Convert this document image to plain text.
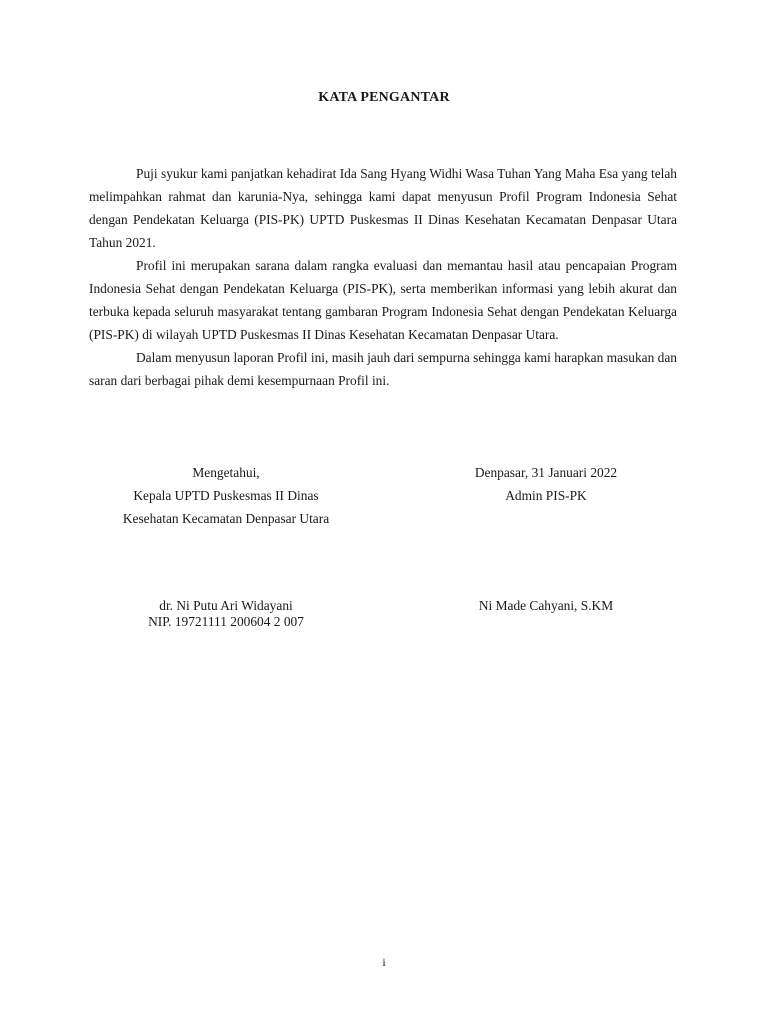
KATA PENGANTAR

Puji syukur kami panjatkan kehadirat Ida Sang Hyang Widhi Wasa Tuhan Yang Maha Esa yang telah melimpahkan rahmat dan karunia-Nya, sehingga kami dapat menyusun Profil Program Indonesia Sehat dengan Pendekatan Keluarga (PIS-PK) UPTD Puskesmas II Dinas Kesehatan Kecamatan Denpasar Utara Tahun 2021.

Profil ini merupakan sarana dalam rangka evaluasi dan memantau hasil atau pencapaian Program Indonesia Sehat dengan Pendekatan Keluarga (PIS-PK), serta memberikan informasi yang lebih akurat dan terbuka kepada seluruh masyarakat tentang gambaran Program Indonesia Sehat dengan Pendekatan Keluarga (PIS-PK) di wilayah UPTD Puskesmas II Dinas Kesehatan Kecamatan Denpasar Utara.

Dalam menyusun laporan Profil ini, masih jauh dari sempurna sehingga kami harapkan masukan dan saran dari berbagai pihak demi kesempurnaan Profil ini.

Mengetahui,
Kepala UPTD Puskesmas II Dinas
Kesehatan Kecamatan Denpasar Utara
Denpasar, 31 Januari 2022
Admin PIS-PK
dr. Ni Putu Ari Widayani
NIP. 19721111 200604 2 007
Ni Made Cahyani, S.KM
i
